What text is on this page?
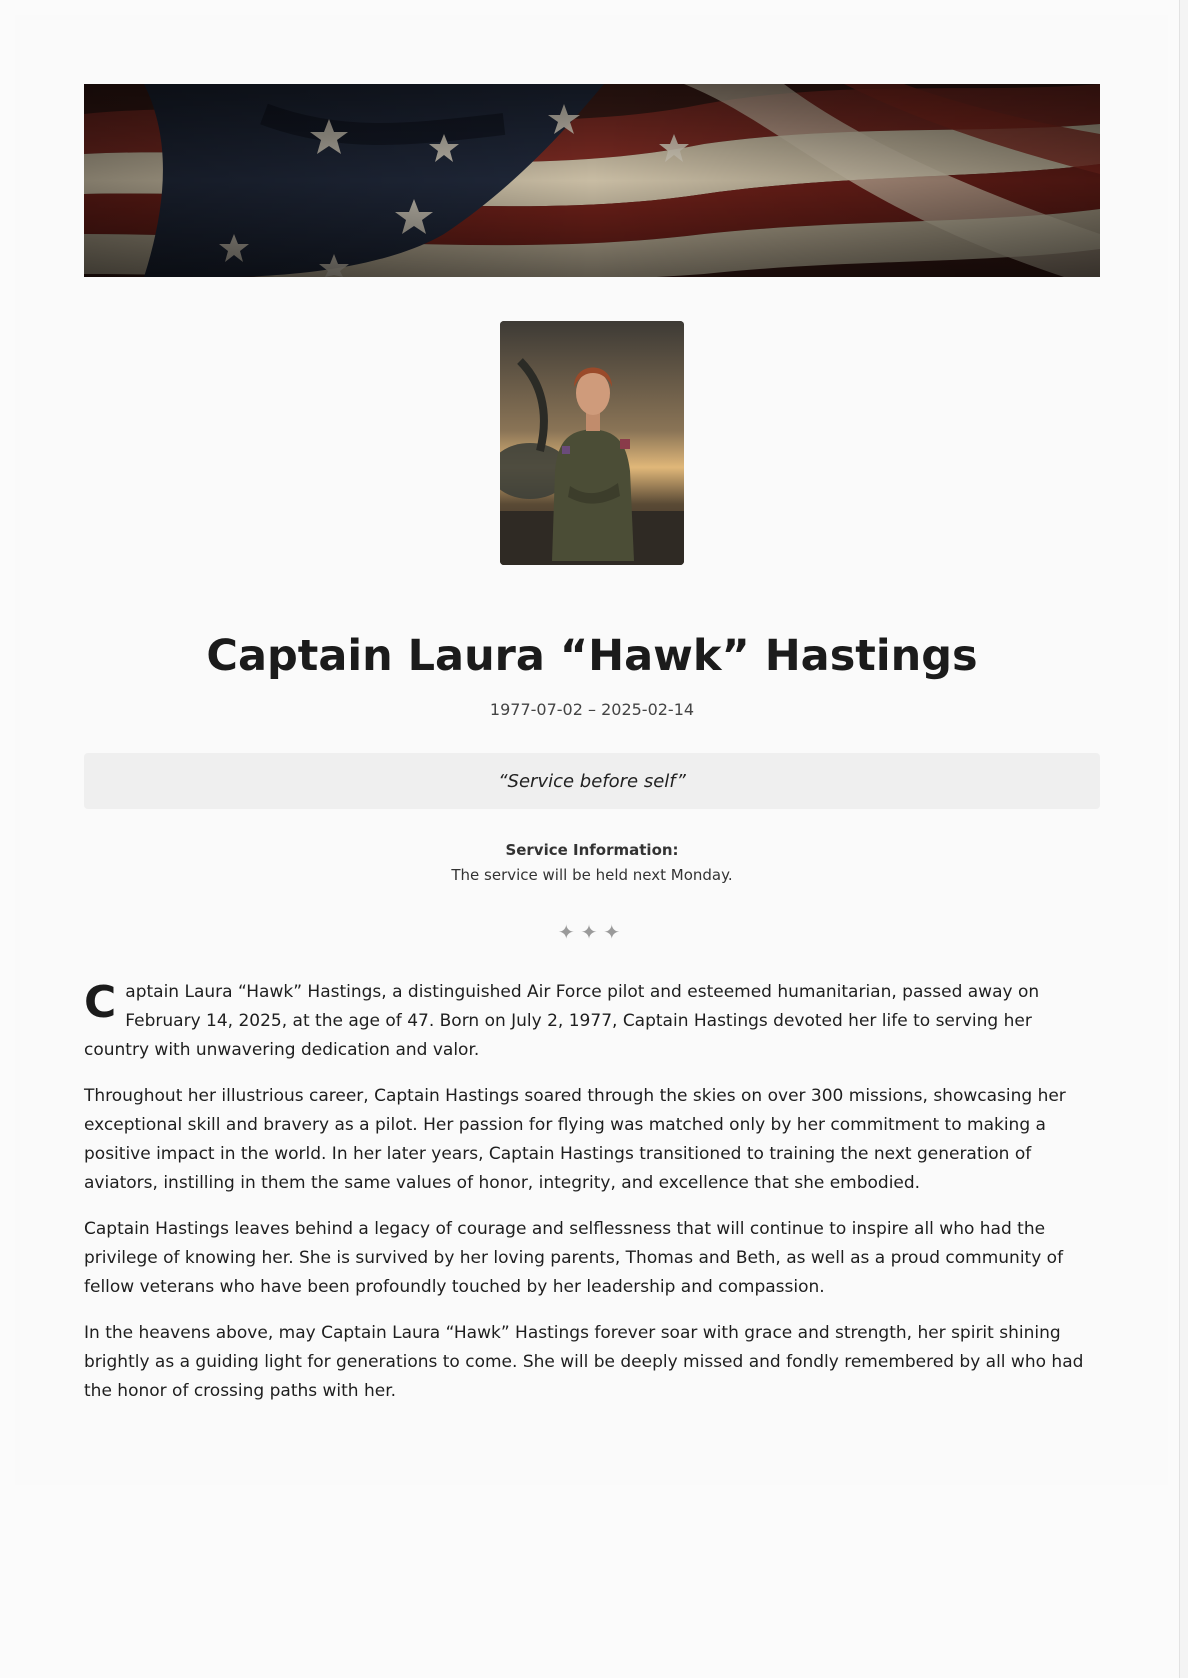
Captain Laura “Hawk” Hastings
1977-07-02 – 2025-02-14
“Service before self”
Service Information:
The service will be held next Monday.
✦✦✦

Captain Laura “Hawk” Hastings, a distinguished Air Force pilot and esteemed humanitarian, passed away on February 14, 2025, at the age of 47. Born on July 2, 1977, Captain Hastings devoted her life to serving her country with unwavering dedication and valor.

Throughout her illustrious career, Captain Hastings soared through the skies on over 300 missions, showcasing her exceptional skill and bravery as a pilot. Her passion for flying was matched only by her commitment to making a positive impact in the world. In her later years, Captain Hastings transitioned to training the next generation of aviators, instilling in them the same values of honor, integrity, and excellence that she embodied.

Captain Hastings leaves behind a legacy of courage and selflessness that will continue to inspire all who had the privilege of knowing her. She is survived by her loving parents, Thomas and Beth, as well as a proud community of fellow veterans who have been profoundly touched by her leadership and compassion.

In the heavens above, may Captain Laura “Hawk” Hastings forever soar with grace and strength, her spirit shining brightly as a guiding light for generations to come. She will be deeply missed and fondly remembered by all who had the honor of crossing paths with her.
